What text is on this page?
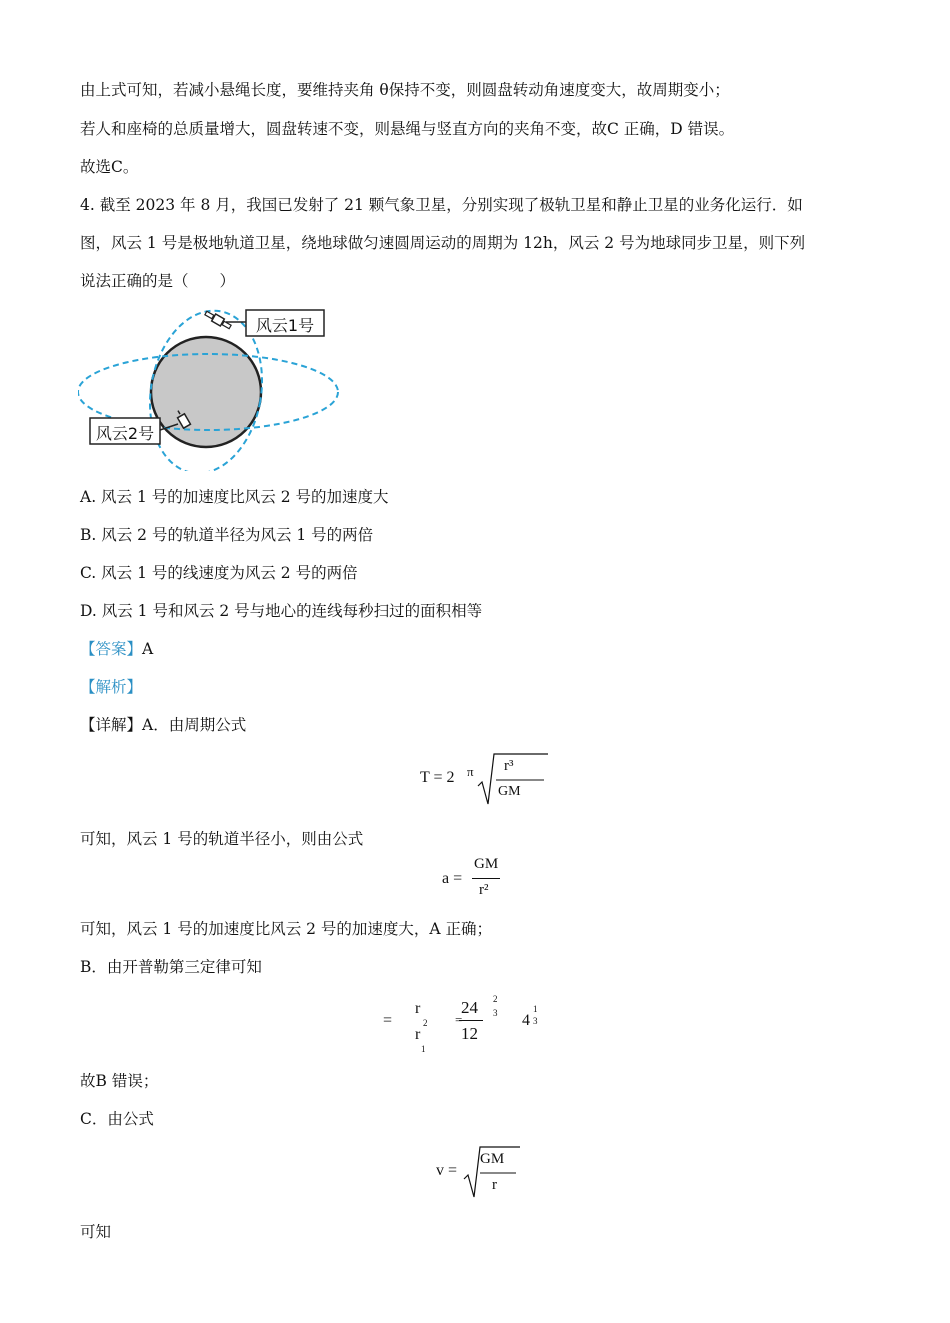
由上式可知，若减小悬绳长度，要维持夹角 θ保持不变，则圆盘转动角速度变大，故周期变小；
若人和座椅的总质量增大，圆盘转速不变，则悬绳与竖直方向的夹角不变，故C 正确，D 错误。
故选C。
4. 截至 2023 年 8 月，我国已发射了 21 颗气象卫星，分别实现了极轨卫星和静止卫星的业务化运行．如
图，风云 1 号是极地轨道卫星，绕地球做匀速圆周运动的周期为 12h，风云 2 号为地球同步卫星，则下列
说法正确的是（　　）
风云1号
风云2号
A. 风云 1 号的加速度比风云 2 号的加速度大
B. 风云 2 号的轨道半径为风云 1 号的两倍
C. 风云 1 号的线速度为风云 2 号的两倍
D. 风云 1 号和风云 2 号与地心的连线每秒扫过的面积相等
【答案】A
【解析】
【详解】A．由周期公式
T = 2 π r³
GM
可知，风云 1 号的轨道半径小，则由公式
a =
GM
r²
可知，风云 1 号的加速度比风云 2 号的加速度大，A 正确；
B．由开普勒第三定律可知
=
r
2
r
1
=
24
12
2
3 4
1
3
故B 错误；
C．由公式
v =
GM
r
可知
